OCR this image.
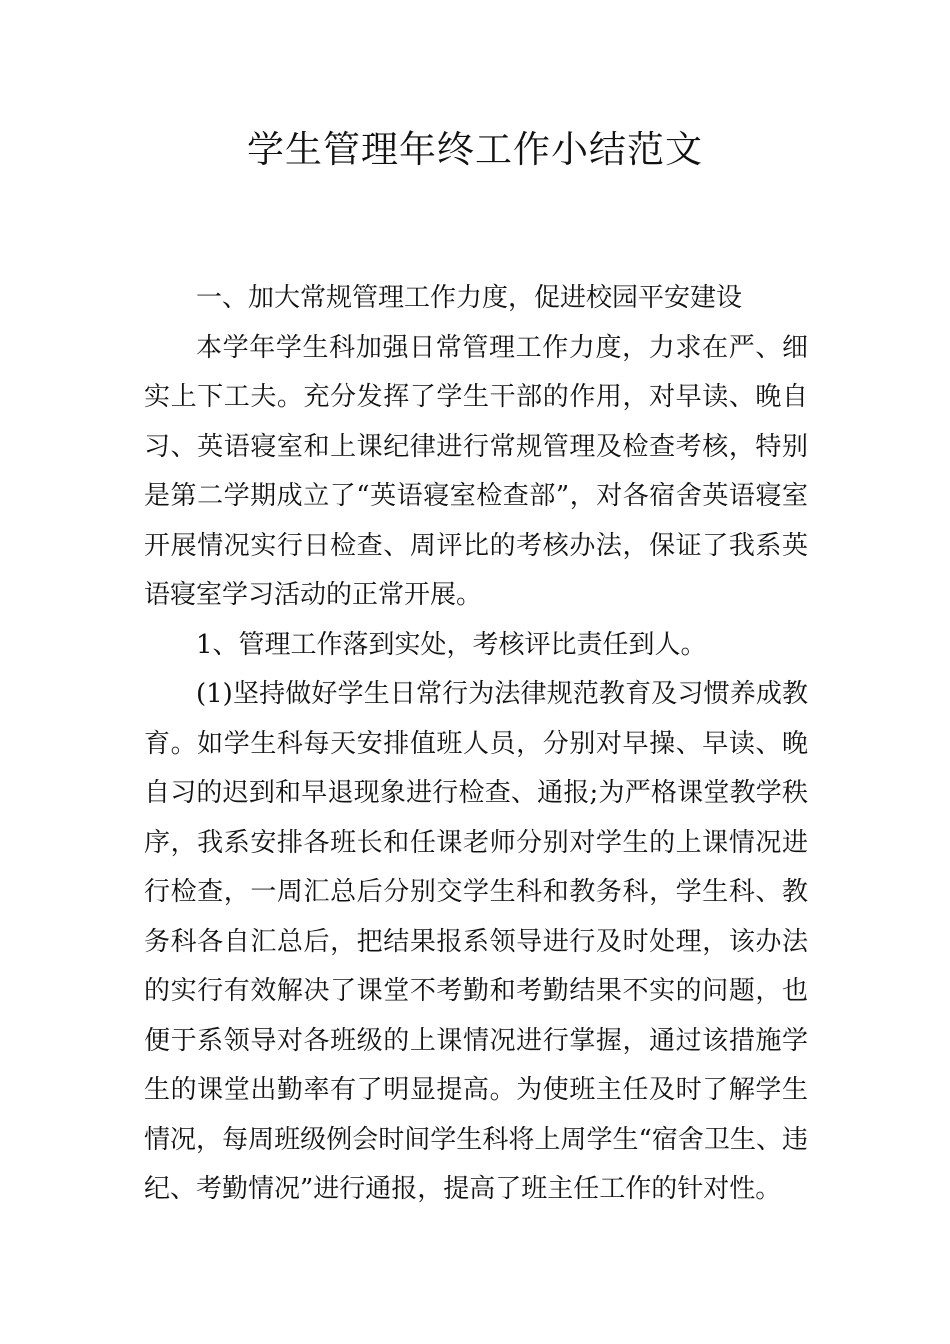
学生管理年终工作小结范文

一、加大常规管理工作力度，促进校园平安建设

本学年学生科加强日常管理工作力度，力求在严、细实上下工夫。充分发挥了学生干部的作用，对早读、晚自习、英语寝室和上课纪律进行常规管理及检查考核，特别是第二学期成立了“英语寝室检查部”，对各宿舍英语寝室开展情况实行日检查、周评比的考核办法，保证了我系英语寝室学习活动的正常开展。

1、管理工作落到实处，考核评比责任到人。

(1)坚持做好学生日常行为法律规范教育及习惯养成教育。如学生科每天安排值班人员，分别对早操、早读、晚自习的迟到和早退现象进行检查、通报;为严格课堂教学秩序，我系安排各班长和任课老师分别对学生的上课情况进行检查，一周汇总后分别交学生科和教务科，学生科、教务科各自汇总后，把结果报系领导进行及时处理，该办法的实行有效解决了课堂不考勤和考勤结果不实的问题，也便于系领导对各班级的上课情况进行掌握，通过该措施学生的课堂出勤率有了明显提高。为使班主任及时了解学生情况，每周班级例会时间学生科将上周学生“宿舍卫生、违纪、考勤情况”进行通报，提高了班主任工作的针对性。
